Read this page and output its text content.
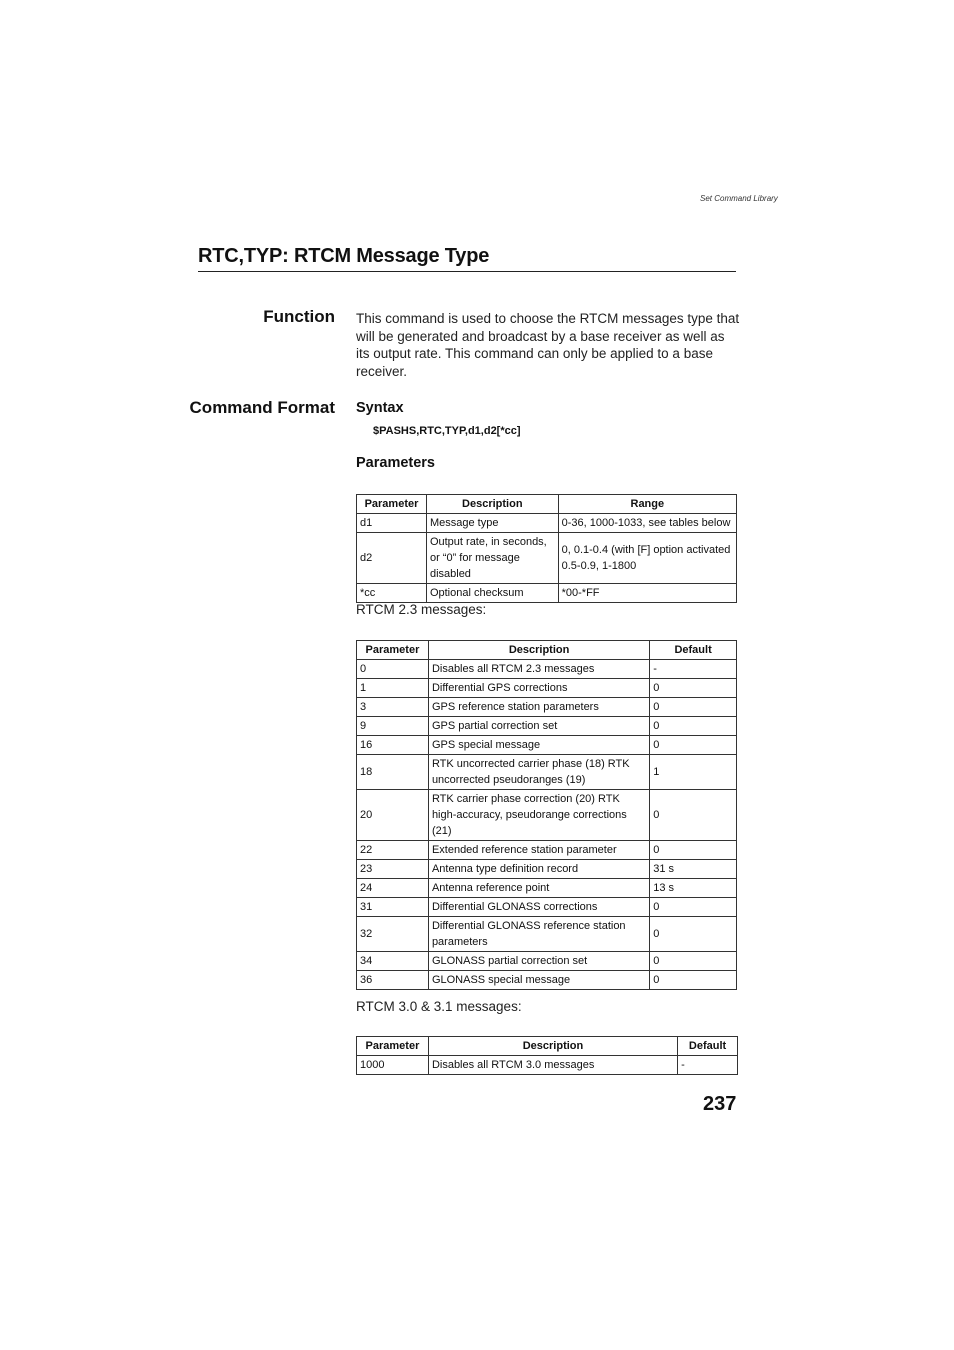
Set Command Library
RTC,TYP: RTCM Message Type
Function This command is used to choose the RTCM messages type that will be generated and broadcast by a base receiver as well as its output rate. This command can only be applied to a base receiver.
Command Format Syntax
$PASHS,RTC,TYP,d1,d2[*cc]
Parameters
Parameter	Description	Range
d1	Message type	0-36, 1000-1033, see tables below
d2	Output rate, in seconds, or “0” for message disabled	0, 0.1-0.4 (with [F] option activated 0.5-0.9, 1-1800
*cc	Optional checksum	*00-*FF
RTCM 2.3 messages:
Parameter	Description	Default
0	Disables all RTCM 2.3 messages	-
1	Differential GPS corrections	0
3	GPS reference station parameters	0
9	GPS partial correction set	0
16	GPS special message	0
18	RTK uncorrected carrier phase (18) RTK uncorrected pseudoranges (19)	1
20	RTK carrier phase correction (20) RTK high-accuracy, pseudorange corrections (21)	0
22	Extended reference station parameter	0
23	Antenna type definition record	31 s
24	Antenna reference point	13 s
31	Differential GLONASS corrections	0
32	Differential GLONASS reference station parameters	0
34	GLONASS partial correction set	0
36	GLONASS special message	0
RTCM 3.0 & 3.1 messages:
Parameter	Description	Default
1000	Disables all RTCM 3.0 messages	-
237
